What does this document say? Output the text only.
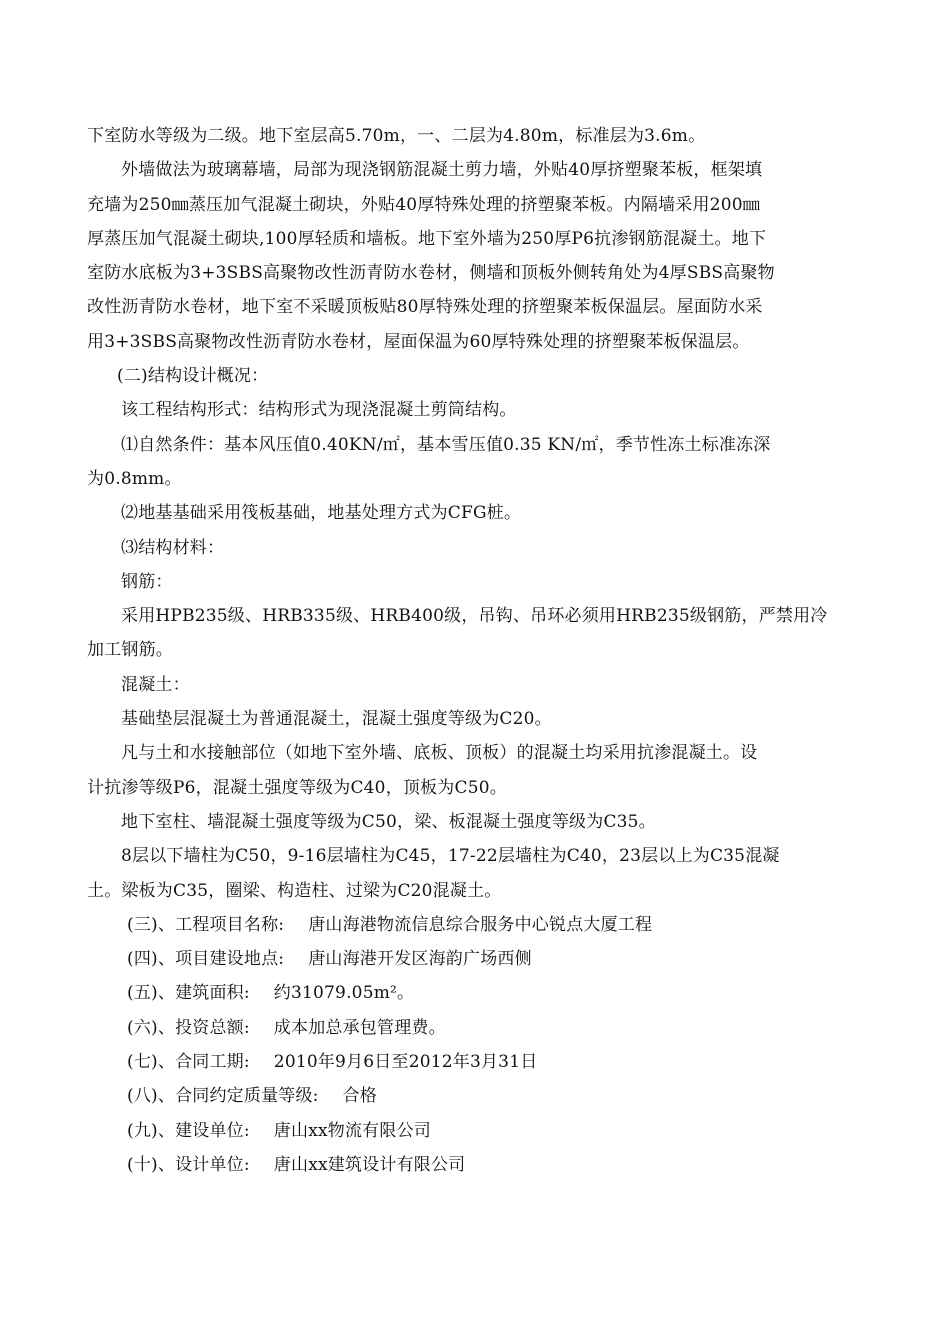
下室防水等级为二级。地下室层高5.70m，一、二层为4.80m，标准层为3.6m。
外墙做法为玻璃幕墙，局部为现浇钢筋混凝土剪力墙，外贴40厚挤塑聚苯板，框架填
充墙为250㎜蒸压加气混凝土砌块，外贴40厚特殊处理的挤塑聚苯板。内隔墙采用200㎜
厚蒸压加气混凝土砌块,100厚轻质和墙板。地下室外墙为250厚P6抗渗钢筋混凝土。地下
室防水底板为3+3SBS高聚物改性沥青防水卷材，侧墙和顶板外侧转角处为4厚SBS高聚物
改性沥青防水卷材，地下室不采暖顶板贴80厚特殊处理的挤塑聚苯板保温层。屋面防水采
用3+3SBS高聚物改性沥青防水卷材，屋面保温为60厚特殊处理的挤塑聚苯板保温层。
(二)结构设计概况：
该工程结构形式：结构形式为现浇混凝土剪筒结构。
⑴自然条件：基本风压值0.40KN/㎡，基本雪压值0.35 KN/㎡，季节性冻土标准冻深
为0.8mm。
⑵地基基础采用筏板基础，地基处理方式为CFG桩。
⑶结构材料：
钢筋：
采用HPB235级、HRB335级、HRB400级，吊钩、吊环必须用HRB235级钢筋，严禁用冷
加工钢筋。
混凝土：
基础垫层混凝土为普通混凝土，混凝土强度等级为C20。
凡与土和水接触部位（如地下室外墙、底板、顶板）的混凝土均采用抗渗混凝土。设
计抗渗等级P6，混凝土强度等级为C40，顶板为C50。
地下室柱、墙混凝土强度等级为C50，梁、板混凝土强度等级为C35。
8层以下墙柱为C50，9-16层墙柱为C45，17-22层墙柱为C40，23层以上为C35混凝
土。梁板为C35，圈梁、构造柱、过梁为C20混凝土。
(三)、工程项目名称: 唐山海港物流信息综合服务中心锐点大厦工程
(四)、项目建设地点: 唐山海港开发区海韵广场西侧
(五)、建筑面积: 约31079.05m²。
(六)、投资总额: 成本加总承包管理费。
(七)、合同工期: 2010年9月6日至2012年3月31日
(八)、合同约定质量等级: 合格
(九)、建设单位: 唐山xx物流有限公司
(十)、设计单位: 唐山xx建筑设计有限公司
